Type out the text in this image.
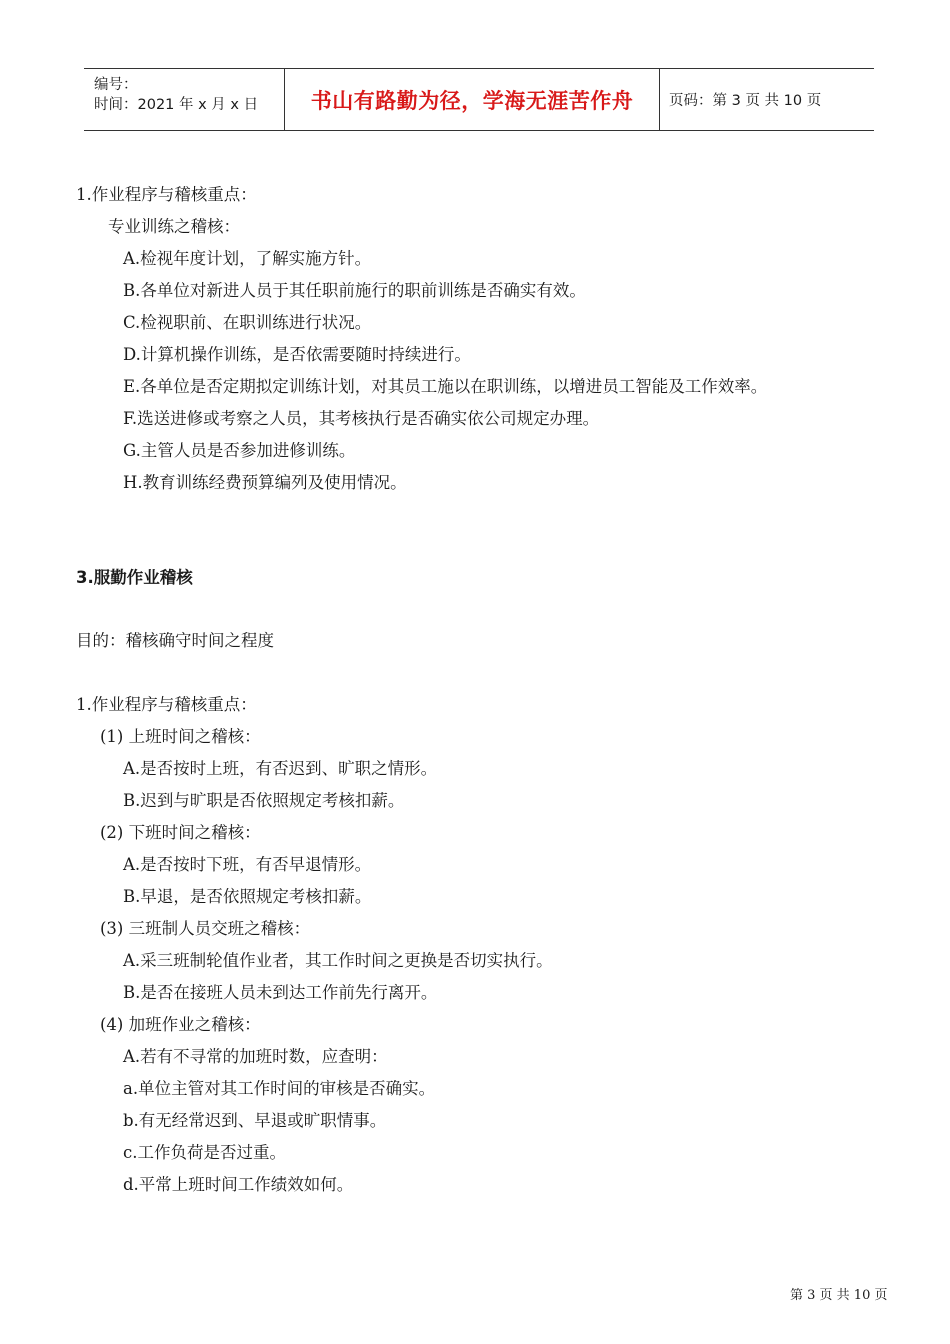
编号：
时间：2021 年 x 月 x 日	书山有路勤为径，学海无涯苦作舟	页码：第 3 页 共 10 页
1.作业程序与稽核重点：
专业训练之稽核：
A.检视年度计划，了解实施方针。
B.各单位对新进人员于其任职前施行的职前训练是否确实有效。
C.检视职前、在职训练进行状况。
D.计算机操作训练，是否依需要随时持续进行。
E.各单位是否定期拟定训练计划，对其员工施以在职训练，以增进员工智能及工作效率。
F.选送进修或考察之人员，其考核执行是否确实依公司规定办理。
G.主管人员是否参加进修训练。
H.教育训练经费预算编列及使用情况。
3.服勤作业稽核
目的：稽核确守时间之程度
1.作业程序与稽核重点：
(1) 上班时间之稽核：
A.是否按时上班，有否迟到、旷职之情形。
B.迟到与旷职是否依照规定考核扣薪。
(2) 下班时间之稽核：
A.是否按时下班，有否早退情形。
B.早退，是否依照规定考核扣薪。
(3) 三班制人员交班之稽核：
A.采三班制轮值作业者，其工作时间之更换是否切实执行。
B.是否在接班人员未到达工作前先行离开。
(4) 加班作业之稽核：
A.若有不寻常的加班时数，应查明：
a.单位主管对其工作时间的审核是否确实。
b.有无经常迟到、早退或旷职情事。
c.工作负荷是否过重。
d.平常上班时间工作绩效如何。
第 3 页 共 10 页
